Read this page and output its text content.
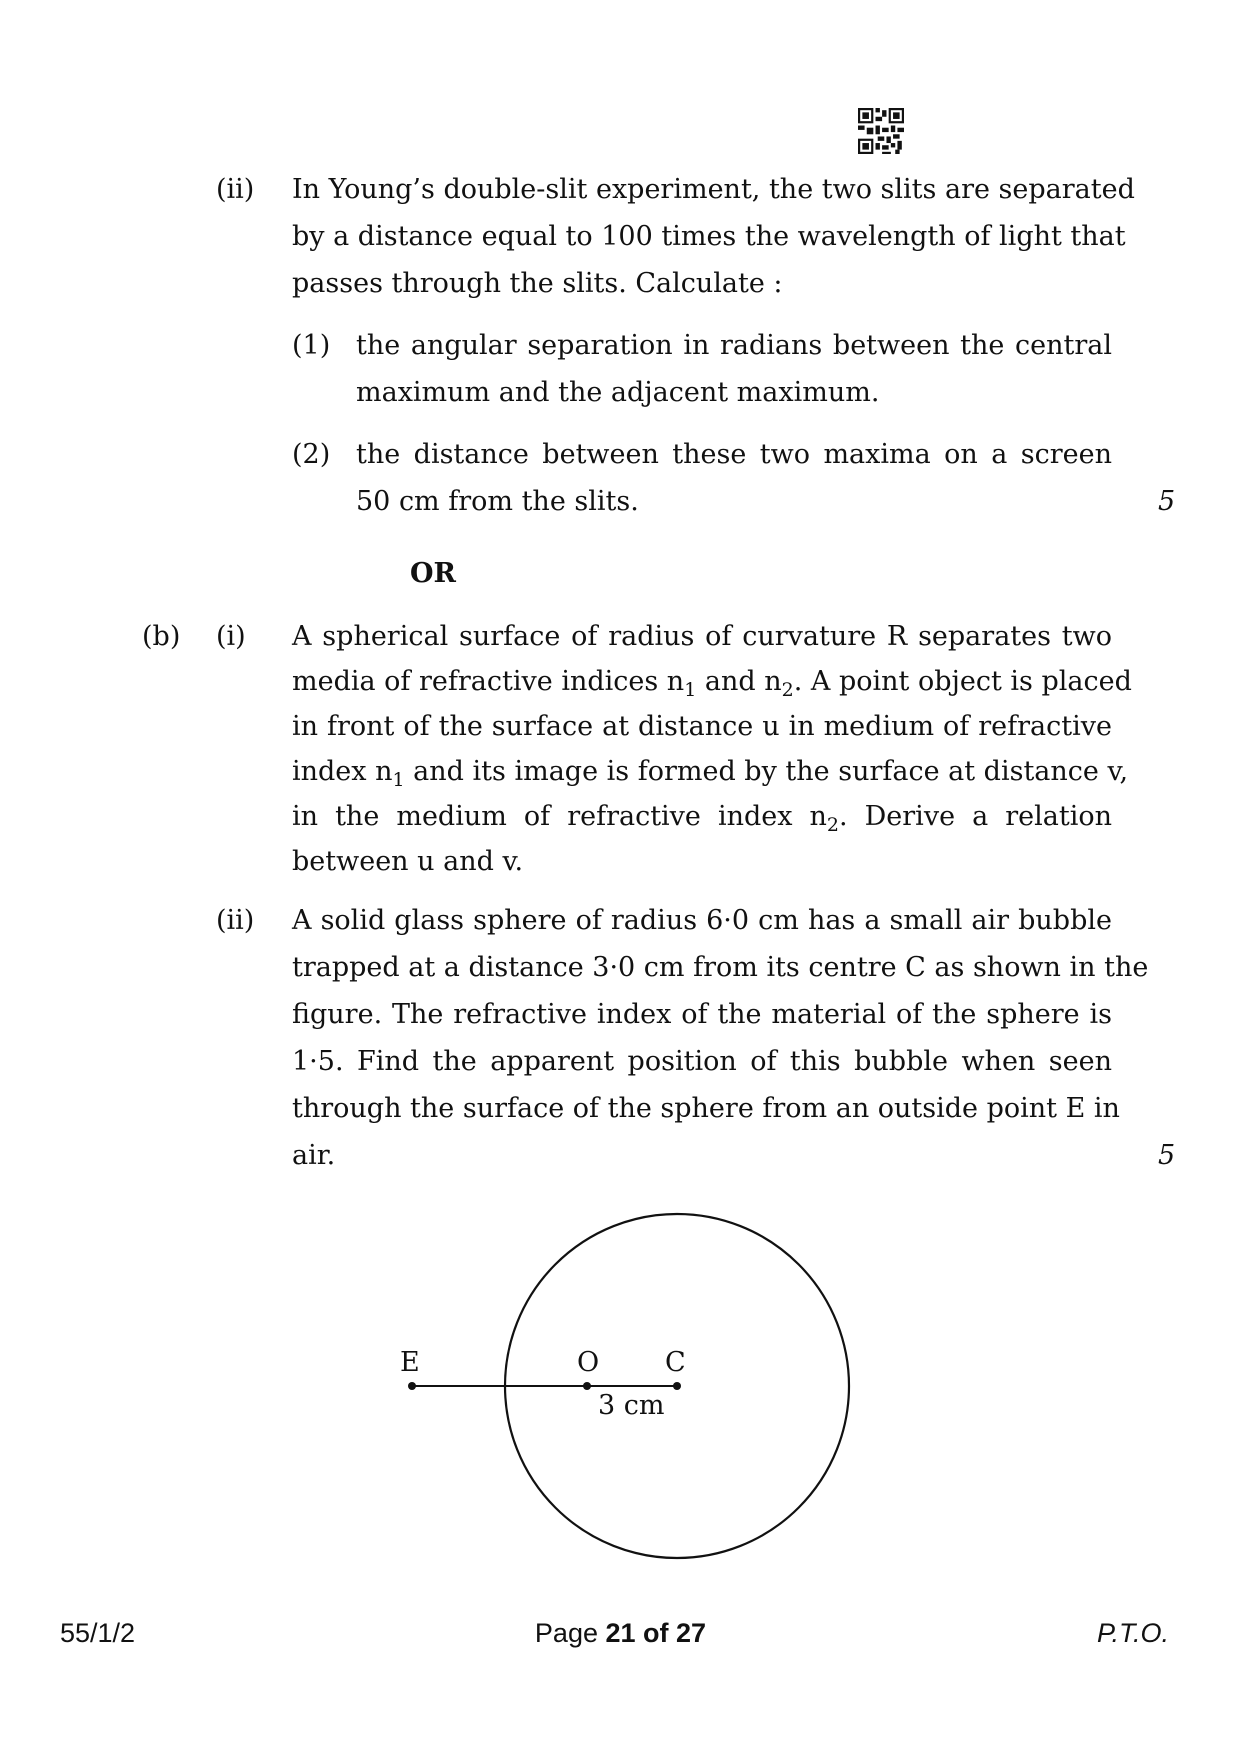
(ii) In Young’s double-slit experiment, the two slits are separated
by a distance equal to 100 times the wavelength of light that
passes through the slits. Calculate :
(1) the angular separation in radians between the central
maximum and the adjacent maximum.
(2) the distance between these two maxima on a screen
50 cm from the slits.	5
OR
(b) (i) A spherical surface of radius of curvature R separates two
media of refractive indices $n_1$ and $n_2$. A point object is placed
in front of the surface at distance u in medium of refractive
index $n_1$ and its image is formed by the surface at distance v,
in the medium of refractive index $n_2$. Derive a relation
between u and v.
(ii) A solid glass sphere of radius 6·0 cm has a small air bubble
trapped at a distance 3·0 cm from its centre C as shown in the
figure. The refractive index of the material of the sphere is
1·5. Find the apparent position of this bubble when seen
through the surface of the sphere from an outside point E in
air.	5
E	O C
3 cm
55/1/2	Page 21 of 27	P.T.O.
